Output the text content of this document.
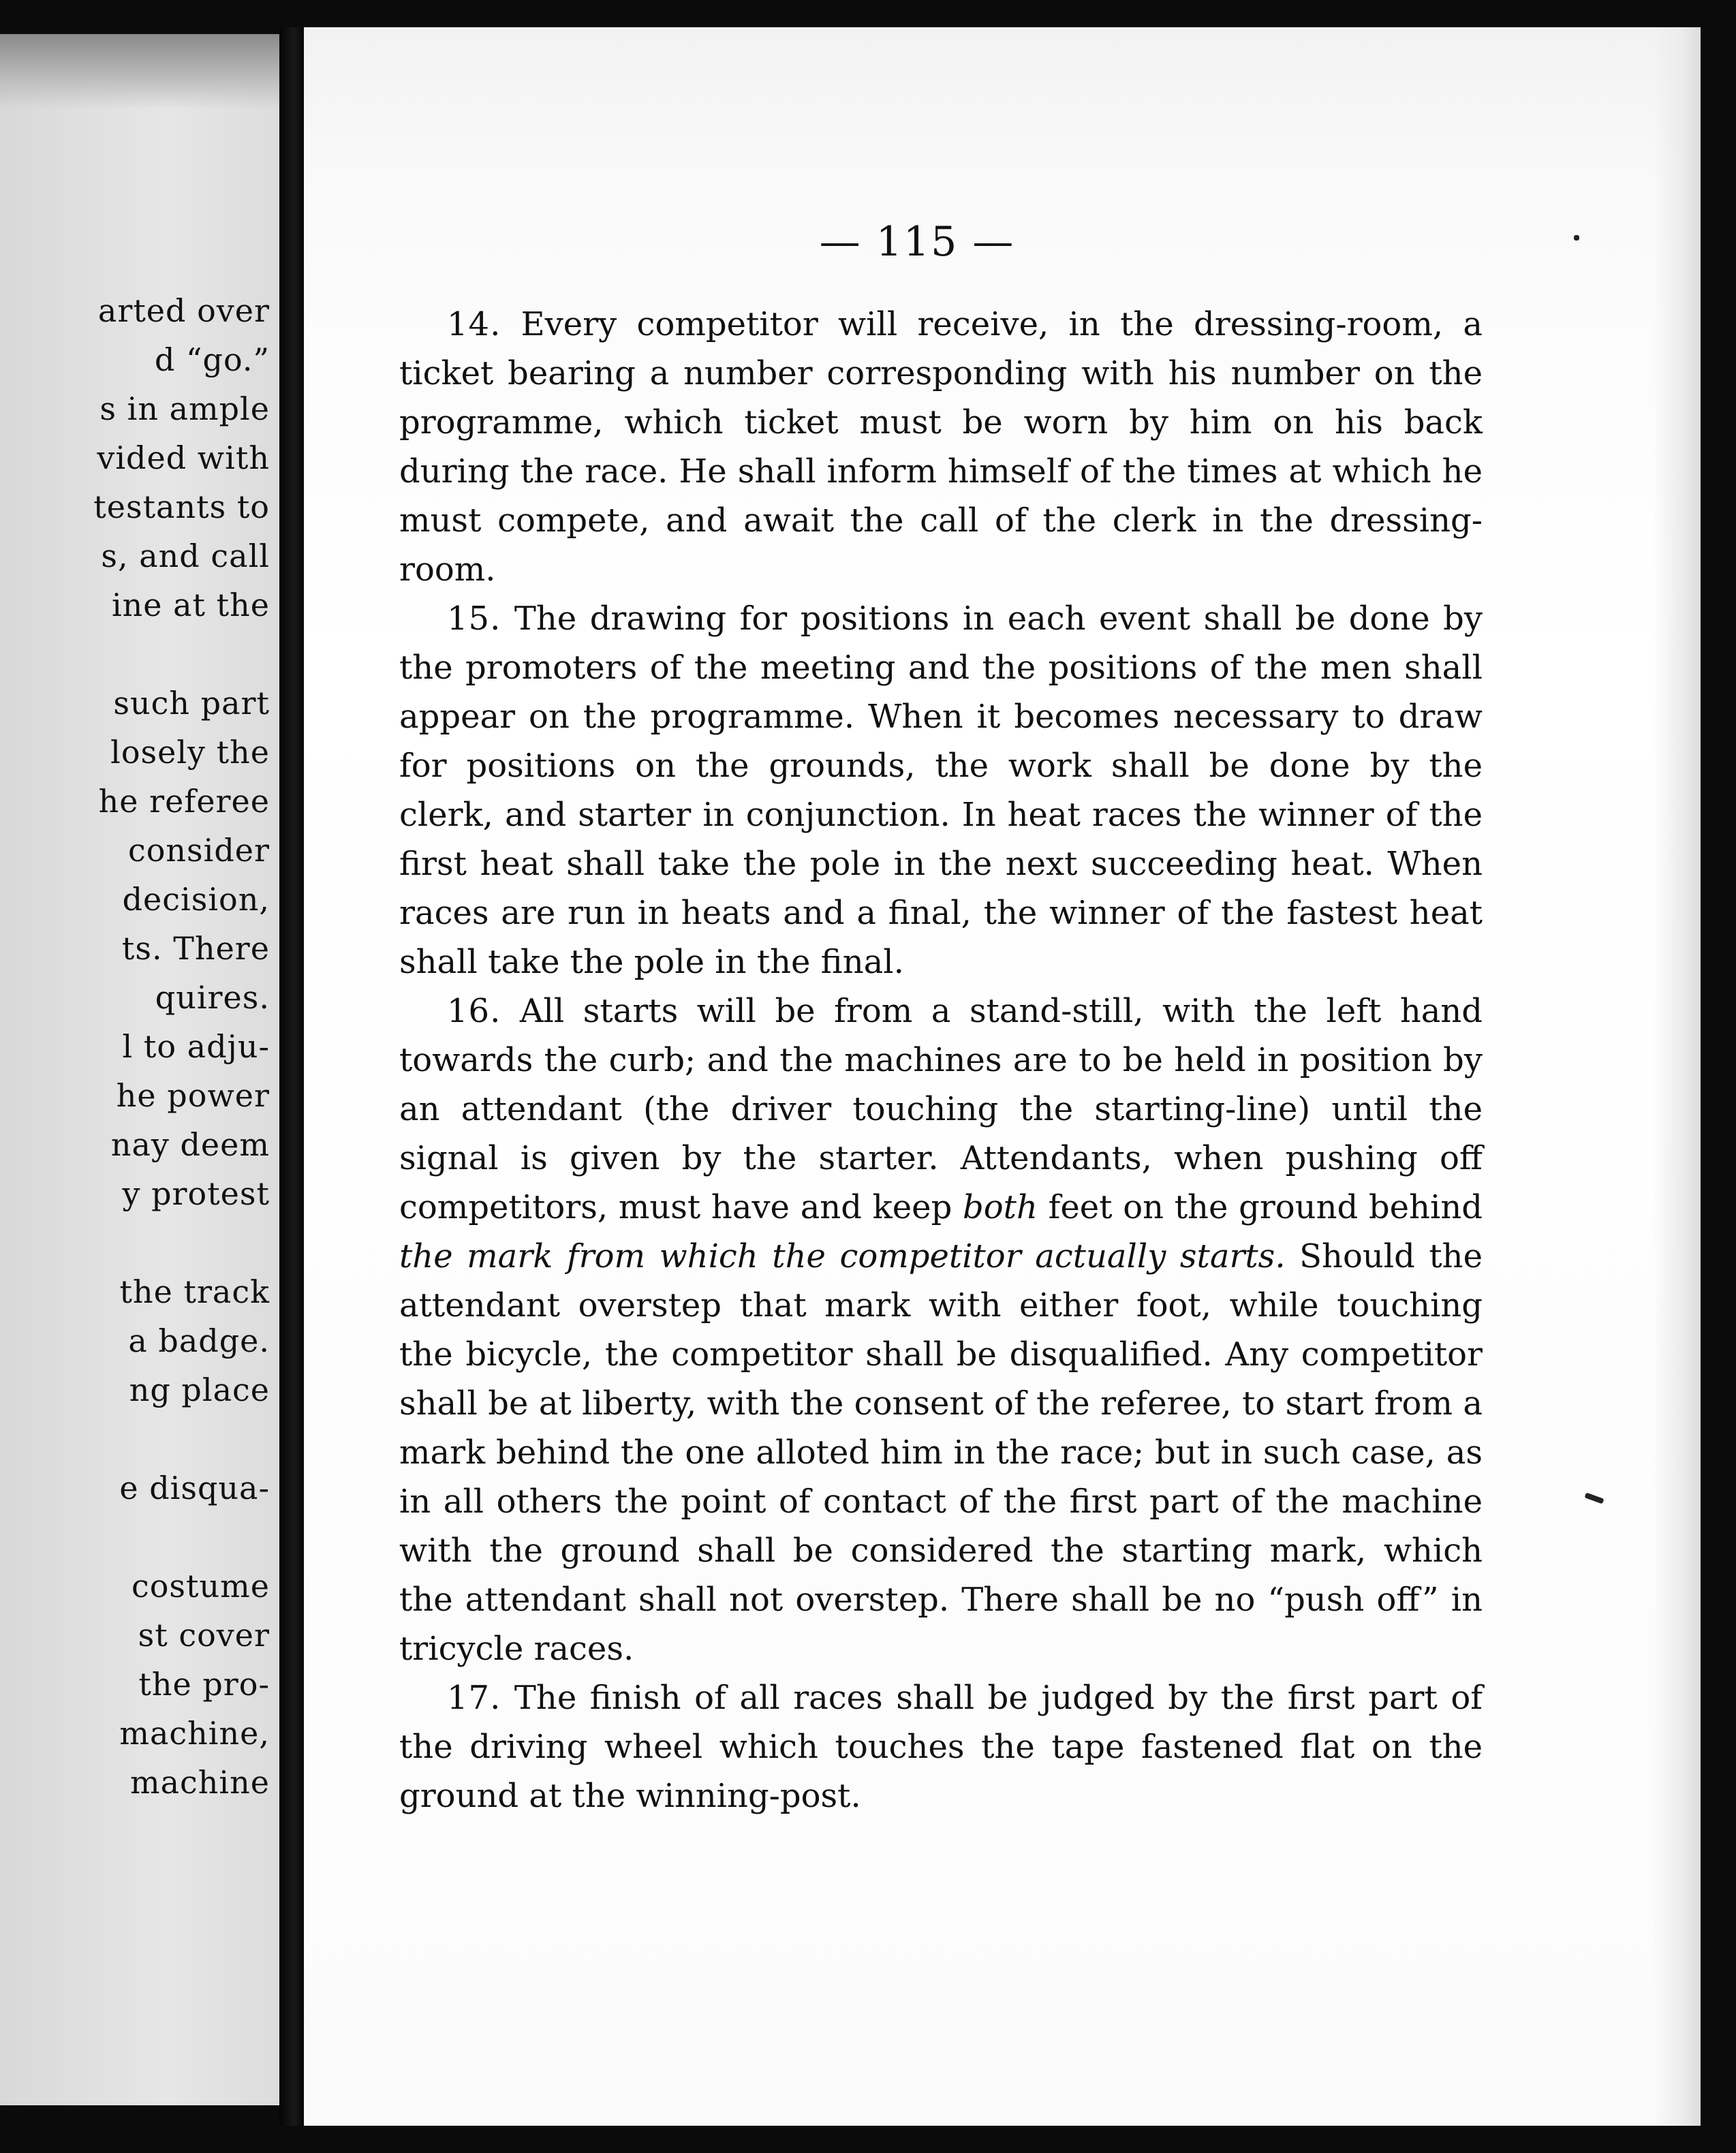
arted over
d “go.”
s in ample
vided with
testants to
s, and call
ine at the
such part
losely the
he referee
consider
decision,
ts. There
quires.
l to adju-
he power
nay deem
y protest
the track
a badge.
ng place
e disqua-
costume
st cover
the pro-
machine,
machine
— 115 —

14. Every competitor will receive, in the dressing-room, a ticket bearing a number corresponding with his number on the programme, which ticket must be worn by him on his back during the race. He shall inform himself of the times at which he must compete, and await the call of the clerk in the dressing-room.

15. The drawing for positions in each event shall be done by the promoters of the meeting and the positions of the men shall appear on the programme. When it becomes necessary to draw for positions on the grounds, the work shall be done by the clerk, and starter in conjunction. In heat races the winner of the first heat shall take the pole in the next succeeding heat. When races are run in heats and a final, the winner of the fastest heat shall take the pole in the final.

16. All starts will be from a stand-still, with the left hand towards the curb; and the machines are to be held in position by an attendant (the driver touching the starting-line) until the signal is given by the starter. Attendants, when pushing off competitors, must have and keep both feet on the ground behind the mark from which the competitor actually starts. Should the attendant overstep that mark with either foot, while touching the bicycle, the competitor shall be disqualified. Any competitor shall be at liberty, with the consent of the referee, to start from a mark behind the one alloted him in the race; but in such case, as in all others the point of contact of the first part of the machine with the ground shall be considered the starting mark, which the attendant shall not overstep. There shall be no “push off” in tricycle races.

17. The finish of all races shall be judged by the first part of the driving wheel which touches the tape fastened flat on the ground at the winning-post.
